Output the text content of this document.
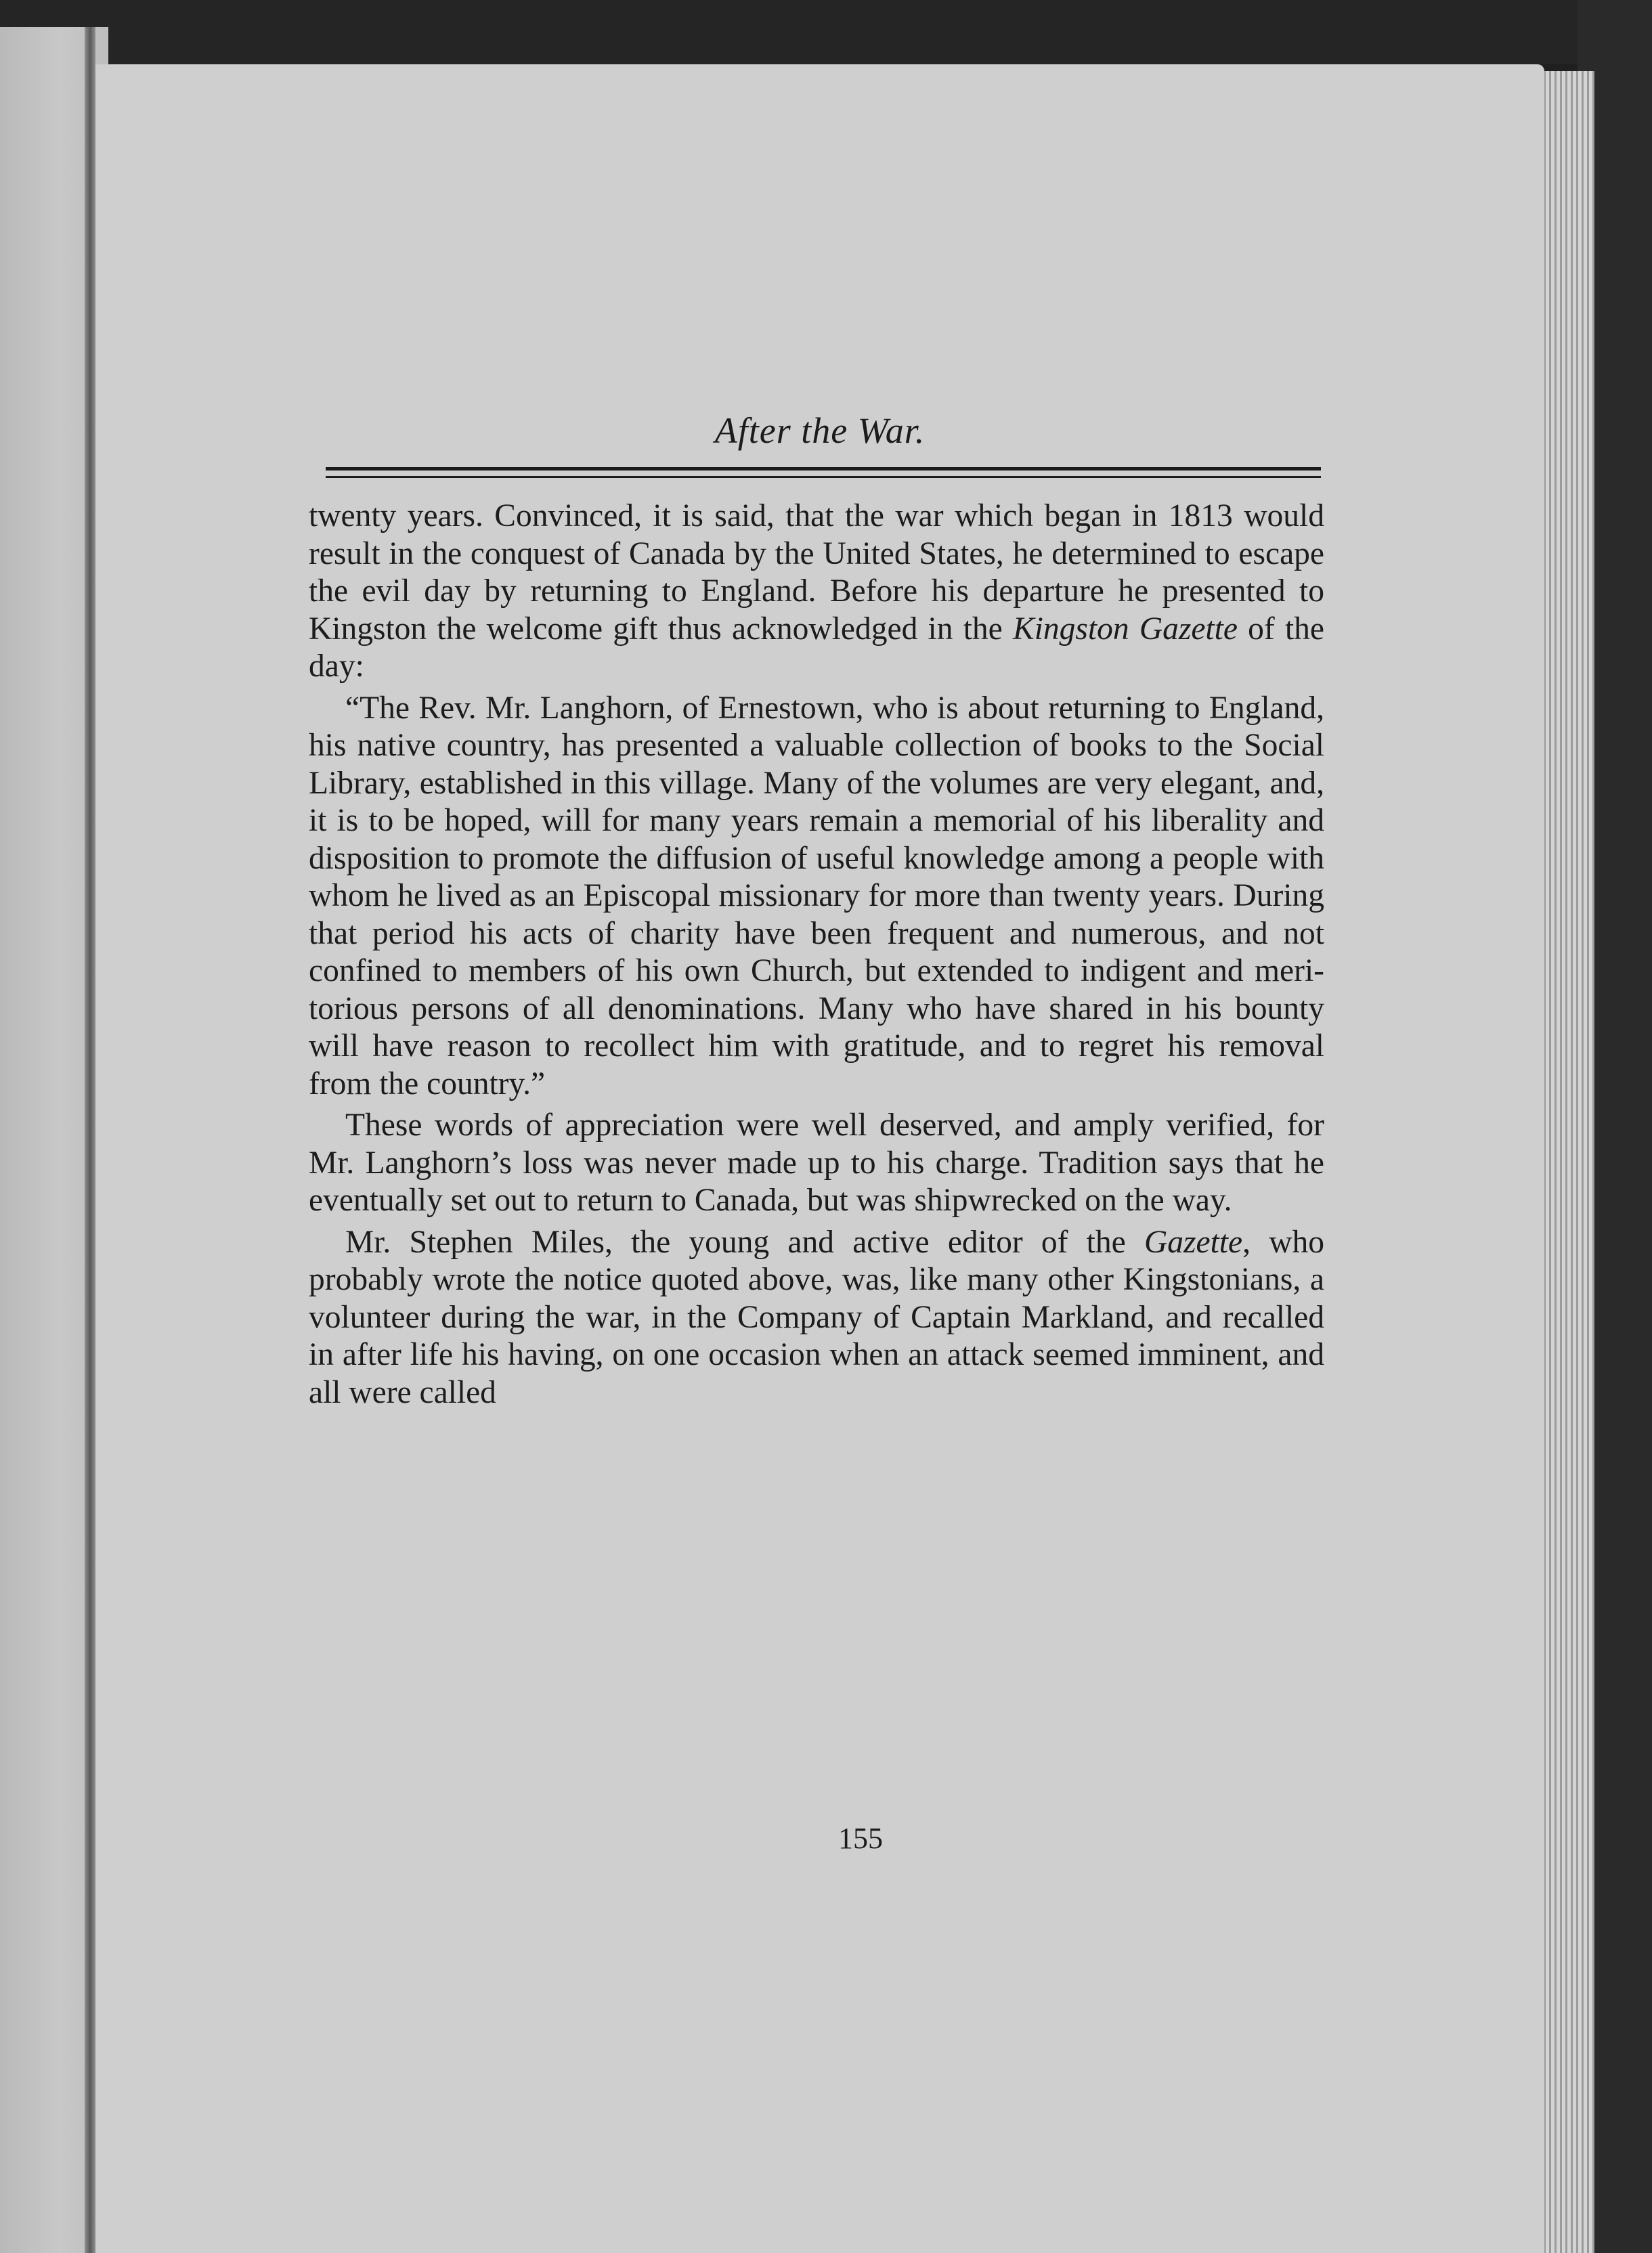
After the War.

twenty years. Convinced, it is said, that the war which began in 1813 would result in the conquest of Canada by the United States, he determined to escape the evil day by returning to England. Before his departure he presented to Kingston the welcome gift thus acknowledged in the Kingston Gazette of the day:

“The Rev. Mr. Langhorn, of Ernestown, who is about returning to England, his native country, has presented a valuable collection of books to the Social Library, established in this village. Many of the volumes are very elegant, and, it is to be hoped, will for many years remain a memorial of his liberality and disposition to promote the diffusion of useful knowledge among a people with whom he lived as an Episcopal missionary for more than twenty years. During that period his acts of charity have been frequent and numerous, and not confined to members of his own Church, but extended to indigent and meritorious persons of all denominations. Many who have shared in his bounty will have reason to recollect him with gratitude, and to regret his removal from the country.”

These words of appreciation were well deserved, and amply verified, for Mr. Langhorn’s loss was never made up to his charge. Tradition says that he eventually set out to return to Canada, but was shipwrecked on the way.

Mr. Stephen Miles, the young and active editor of the Gazette, who probably wrote the notice quoted above, was, like many other Kingstonians, a volunteer during the war, in the Company of Captain Markland, and recalled in after life his having, on one occasion when an attack seemed imminent, and all were called

155
